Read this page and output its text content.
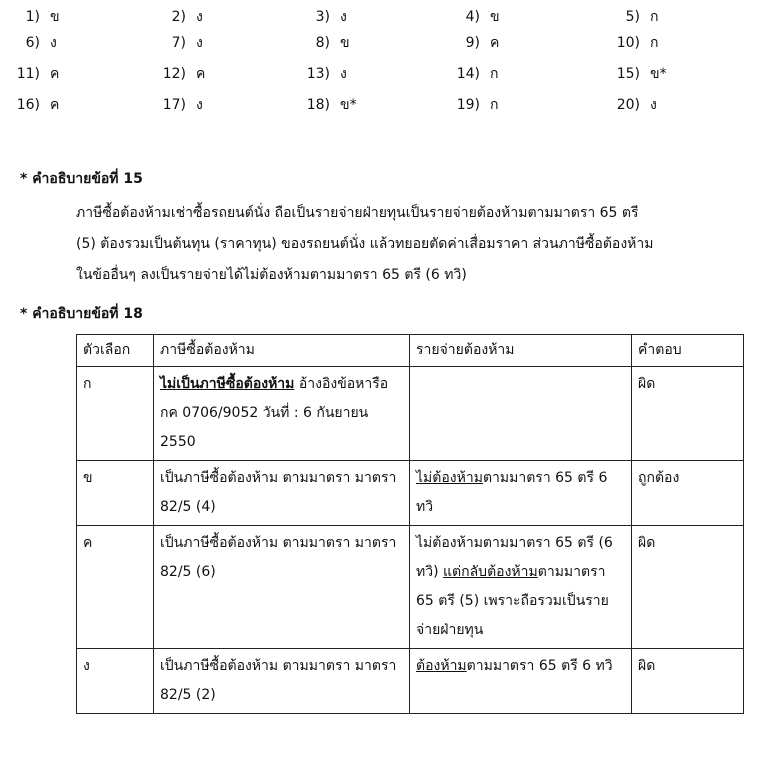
1) ข	2) ง	3) ง	4) ข	5) ก
6) ง	7) ง	8) ข	9) ค	10) ก
11) ค	12) ค	13) ง	14) ก	15) ข*
16) ค	17) ง	18) ข*	19) ก	20) ง
* คำอธิบายข้อที่ 15

ภาษีซื้อต้องห้ามเช่าซื้อรถยนต์นั่ง ถือเป็นรายจ่ายฝ่ายทุนเป็นรายจ่ายต้องห้ามตามมาตรา 65 ตรี

(5) ต้องรวมเป็นต้นทุน (ราคาทุน) ของรถยนต์นั่ง แล้วทยอยตัดค่าเสื่อมราคา ส่วนภาษีซื้อต้องห้าม

ในข้ออื่นๆ ลงเป็นรายจ่ายได้ไม่ต้องห้ามตามมาตรา 65 ตรี (6 ทวิ)

* คำอธิบายข้อที่ 18
ตัวเลือก	ภาษีซื้อต้องห้าม	รายจ่ายต้องห้าม	คำตอบ
ก	ไม่เป็นภาษีซื้อต้องห้าม อ้างอิงข้อหารือ กค 0706/9052 วันที่ : 6 กันยายน 2550		ผิด
ข	เป็นภาษีซื้อต้องห้าม ตามมาตรา มาตรา 82/5 (4)	ไม่ต้องห้ามตามมาตรา 65 ตรี 6 ทวิ	ถูกต้อง
ค	เป็นภาษีซื้อต้องห้าม ตามมาตรา มาตรา 82/5 (6)	ไม่ต้องห้ามตามมาตรา 65 ตรี (6 ทวิ) แต่กลับต้องห้ามตามมาตรา 65 ตรี (5) เพราะถือรวมเป็นรายจ่ายฝ่ายทุน	ผิด
ง	เป็นภาษีซื้อต้องห้าม ตามมาตรา มาตรา 82/5 (2)	ต้องห้ามตามมาตรา 65 ตรี 6 ทวิ	ผิด
